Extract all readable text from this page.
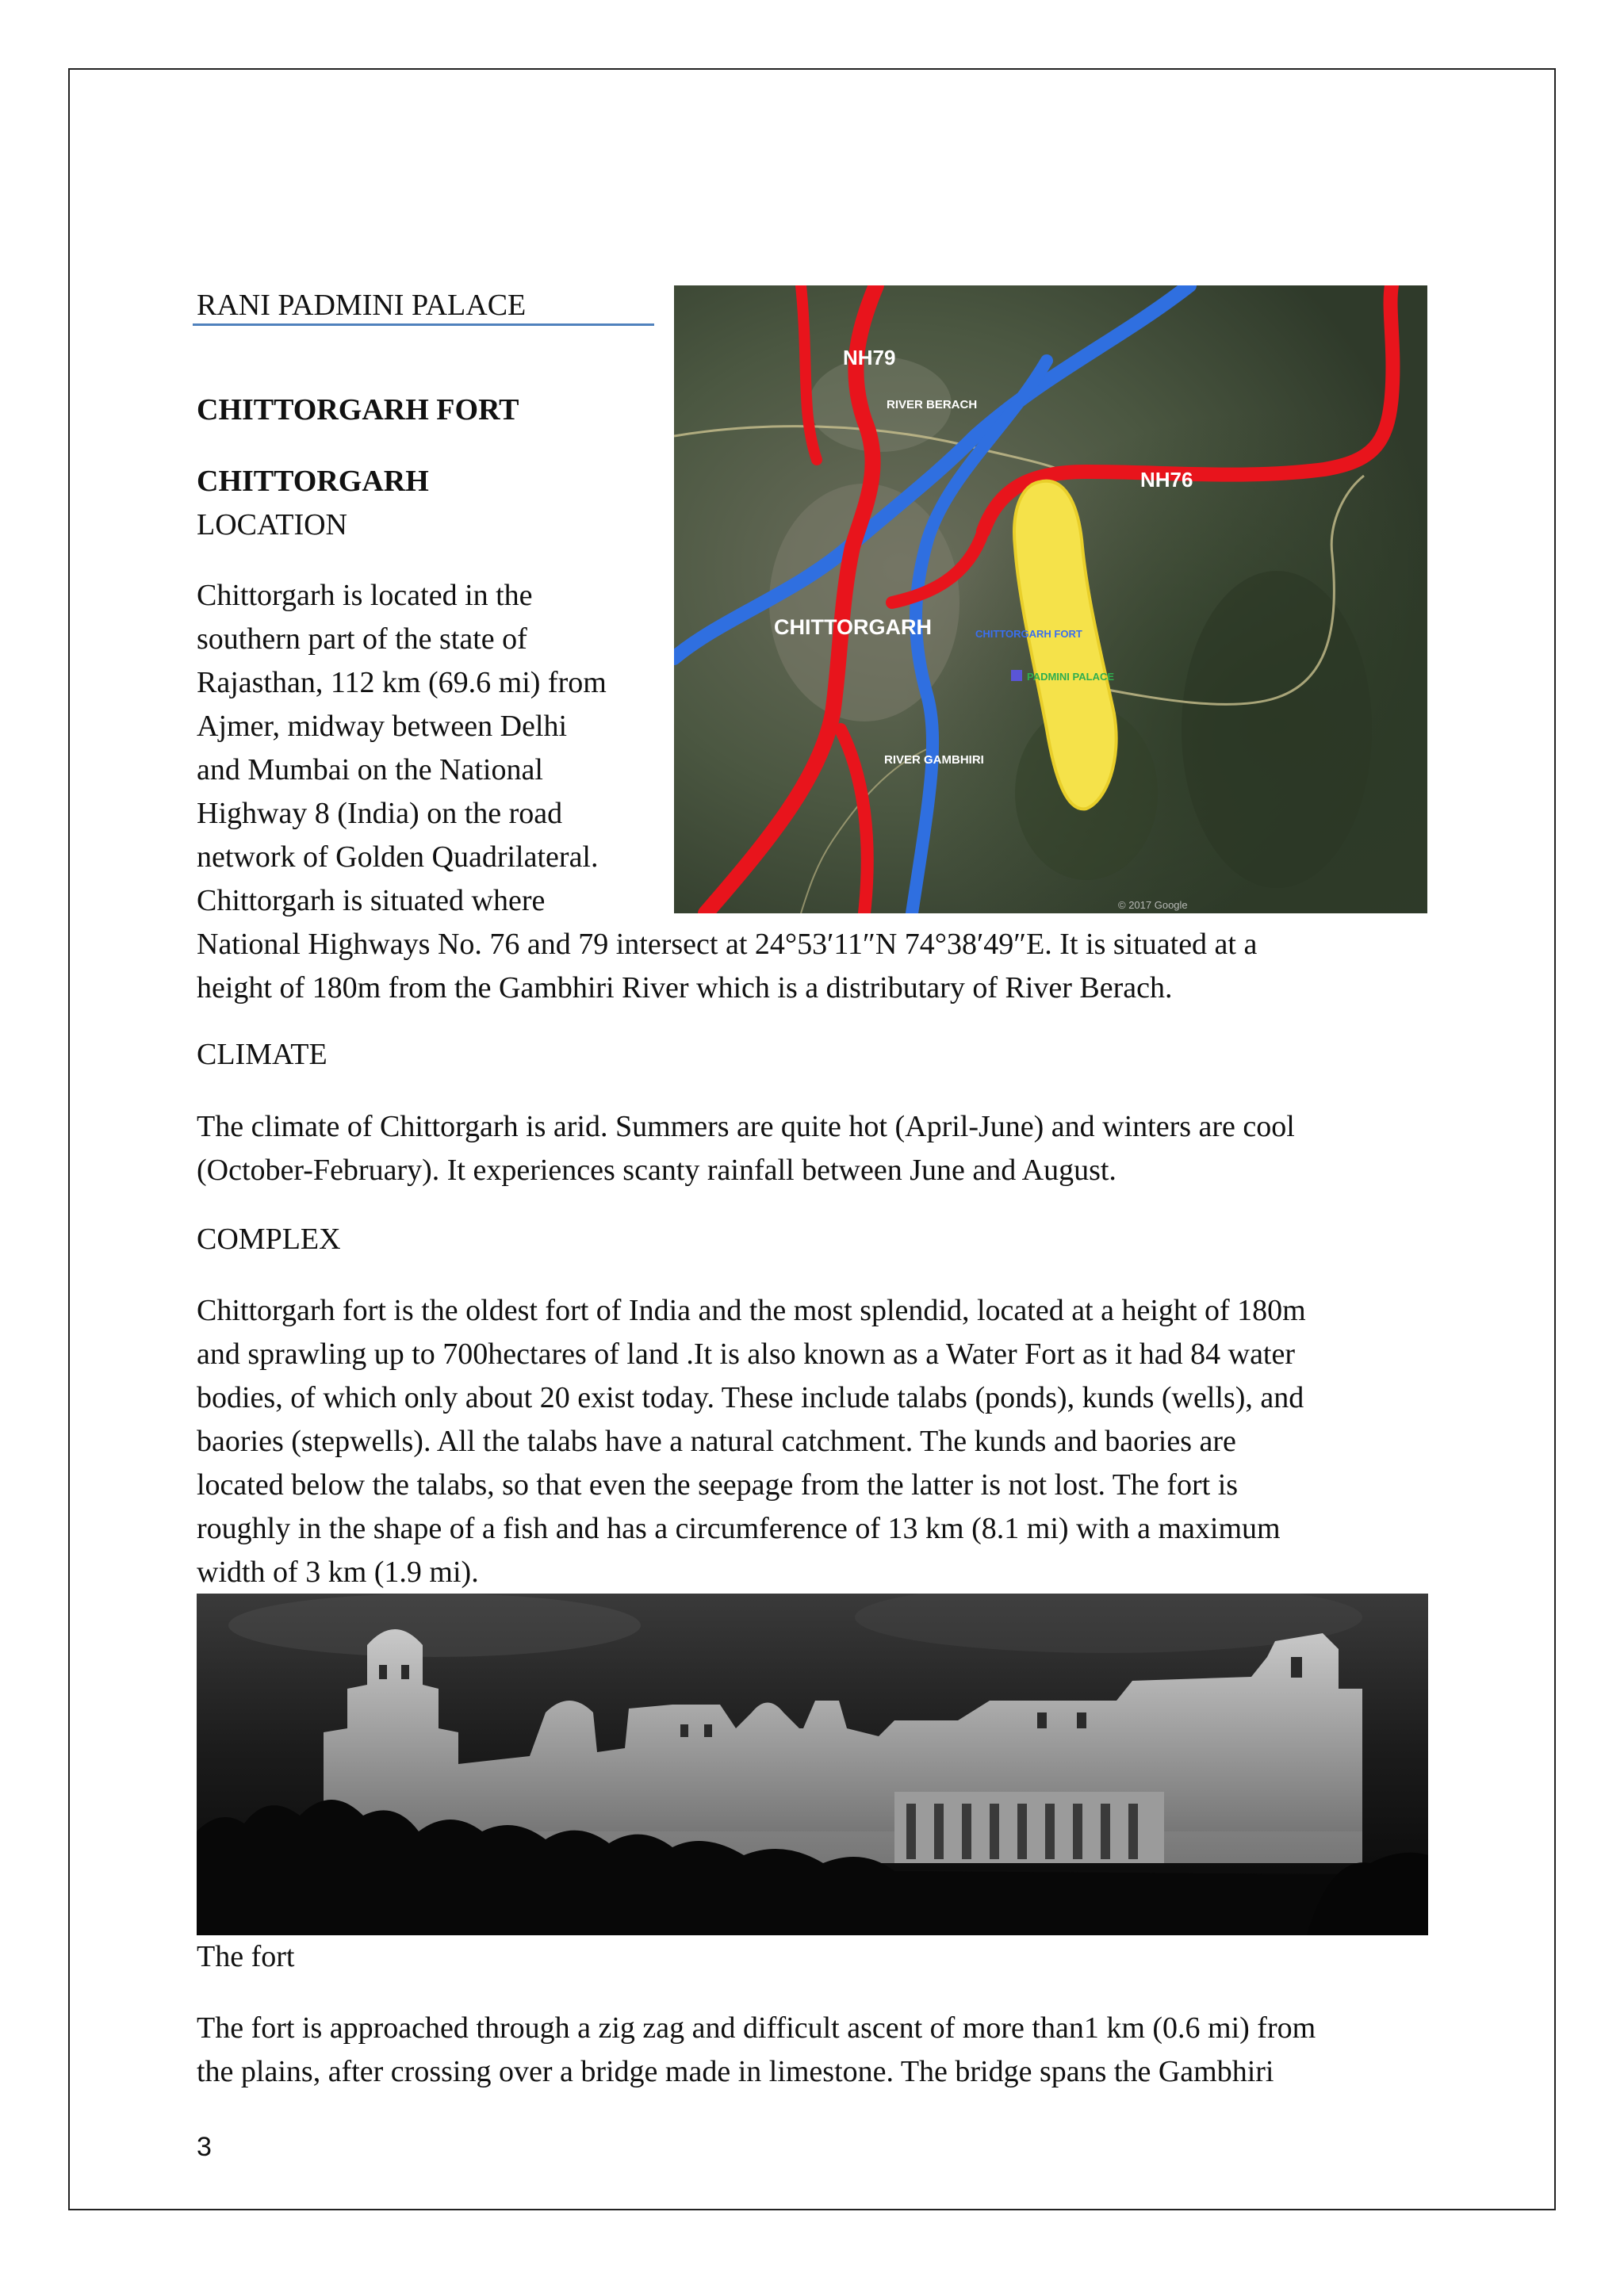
RANI PADMINI PALACE
CHITTORGARH FORT
CHITTORGARH
LOCATION
Chittorgarh is located in the
southern part of the state of
Rajasthan, 112 km (69.6 mi) from
Ajmer, midway between Delhi
and Mumbai on the National
Highway 8 (India) on the road
network of Golden Quadrilateral.
Chittorgarh is situated where
National Highways No. 76 and 79 intersect at 24°53′11″N 74°38′49″E. It is situated at a
height of 180m from the Gambhiri River which is a distributary of River Berach.
NH79
RIVER BERACH
NH76
CHITTORGARH	CHITTORGARH FORT
PADMINI PALACE
RIVER GAMBHIRI
© 2017 Google
CLIMATE
The climate of Chittorgarh is arid. Summers are quite hot (April-June) and winters are cool
(October-February). It experiences scanty rainfall between June and August.
COMPLEX
Chittorgarh fort is the oldest fort of India and the most splendid, located at a height of 180m
and sprawling up to 700hectares of land .It is also known as a Water Fort as it had 84 water
bodies, of which only about 20 exist today. These include talabs (ponds), kunds (wells), and
baories (stepwells). All the talabs have a natural catchment. The kunds and baories are
located below the talabs, so that even the seepage from the latter is not lost. The fort is
roughly in the shape of a fish and has a circumference of 13 km (8.1 mi) with a maximum
width of 3 km (1.9 mi).
The fort
The fort is approached through a zig zag and difficult ascent of more than1 km (0.6 mi) from
the plains, after crossing over a bridge made in limestone. The bridge spans the Gambhiri
3
